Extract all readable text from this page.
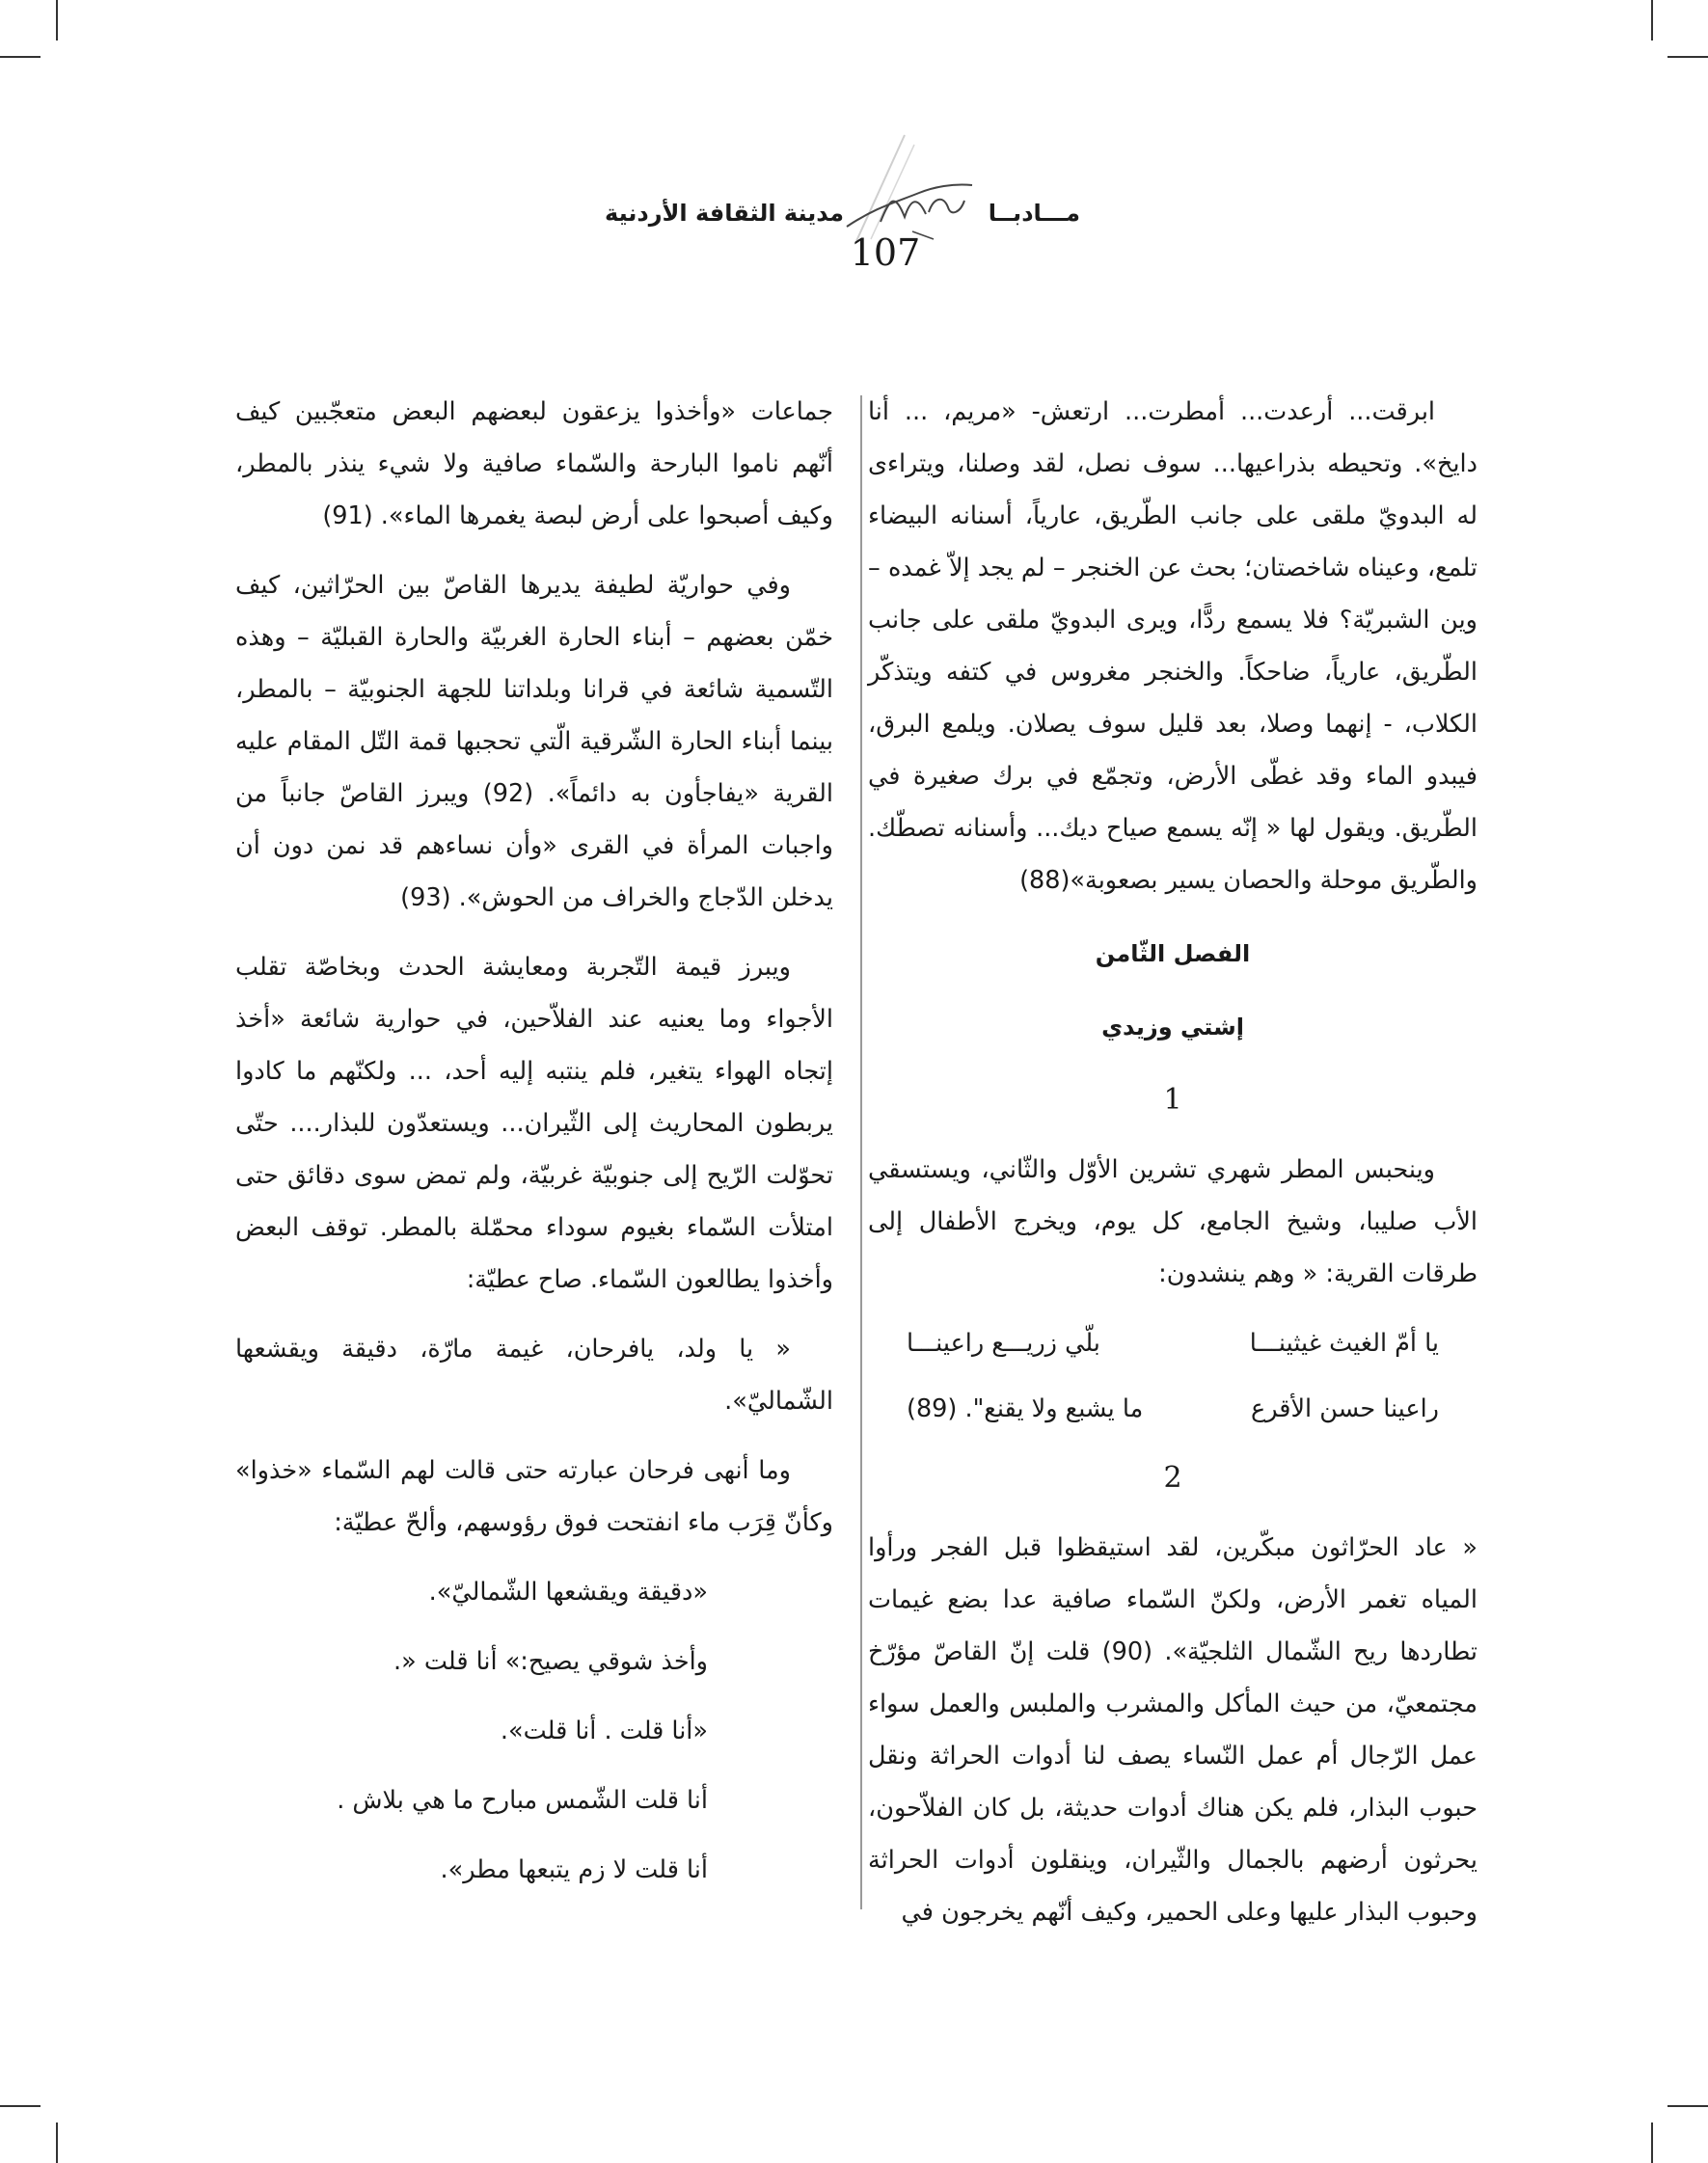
مدينة الثقافة الأردنية	مـــادبــا
107

ابرقت... أرعدت... أمطرت... ارتعش- «مريم، ... أنا دايخ». وتحيطه بذراعيها... سوف نصل، لقد وصلنا، ويتراءى له البدويّ ملقى على جانب الطّريق، عارياً، أسنانه البيضاء تلمع، وعيناه شاخصتان؛ بحث عن الخنجر – لم يجد إلاّ غمده – وين الشبريّة؟ فلا يسمع ردًّا، ويرى البدويّ ملقى على جانب الطّريق، عارياً، ضاحكاً. والخنجر مغروس في كتفه ويتذكّر الكلاب، - إنهما وصلا، بعد قليل سوف يصلان. ويلمع البرق، فيبدو الماء وقد غطّى الأرض، وتجمّع في برك صغيرة في الطّريق. ويقول لها « إنّه يسمع صياح ديك... وأسنانه تصطّك. والطّريق موحلة والحصان يسير بصعوبة»(88)

الفصل الثّامن

إشتي وزيدي

1

وينحبس المطر شهري تشرين الأوّل والثّاني، ويستسقي الأب صليبا، وشيخ الجامع، كل يوم، ويخرج الأطفال إلى طرقات القرية: « وهم ينشدون:

يا أمّ الغيث غيثينـــا
بلّي زريـــع راعينـــا
راعينا حسن الأقرع
ما يشبع ولا يقنع". (89)

2

« عاد الحرّاثون مبكّرين، لقد استيقظوا قبل الفجر ورأوا المياه تغمر الأرض، ولكنّ السّماء صافية عدا بضع غيمات تطاردها ريح الشّمال الثلجيّة». (90) قلت إنّ القاصّ مؤرّخ مجتمعيّ، من حيث المأكل والمشرب والملبس والعمل سواء عمل الرّجال أم عمل النّساء يصف لنا أدوات الحراثة ونقل حبوب البذار، فلم يكن هناك أدوات حديثة، بل كان الفلاّحون، يحرثون أرضهم بالجمال والثّيران، وينقلون أدوات الحراثة وحبوب البذار عليها وعلى الحمير، وكيف أنّهم يخرجون في

جماعات «وأخذوا يزعقون لبعضهم البعض متعجّبين كيف أنّهم ناموا البارحة والسّماء صافية ولا شيء ينذر بالمطر، وكيف أصبحوا على أرض لبصة يغمرها الماء». (91)

وفي حواريّة لطيفة يديرها القاصّ بين الحرّاثين، كيف خمّن بعضهم – أبناء الحارة الغربيّة والحارة القبليّة – وهذه التّسمية شائعة في قرانا وبلداتنا للجهة الجنوبيّة – بالمطر، بينما أبناء الحارة الشّرقية الّتي تحجبها قمة التّل المقام عليه القرية «يفاجأون به دائماً». (92) ويبرز القاصّ جانباً من واجبات المرأة في القرى «وأن نساءهم قد نمن دون أن يدخلن الدّجاج والخراف من الحوش». (93)

ويبرز قيمة التّجربة ومعايشة الحدث وبخاصّة تقلب الأجواء وما يعنيه عند الفلاّحين، في حوارية شائعة «أخذ إتجاه الهواء يتغير، فلم ينتبه إليه أحد، ... ولكنّهم ما كادوا يربطون المحاريث إلى الثّيران... ويستعدّون للبذار.... حتّى تحوّلت الرّيح إلى جنوبيّة غربيّة، ولم تمض سوى دقائق حتى امتلأت السّماء بغيوم سوداء محمّلة بالمطر. توقف البعض وأخذوا يطالعون السّماء. صاح عطيّة:

« يا ولد، يافرحان، غيمة مارّة، دقيقة ويقشعها الشّماليّ».

وما أنهى فرحان عبارته حتى قالت لهم السّماء «خذوا» وكأنّ قِرَب ماء انفتحت فوق رؤوسهم، وألحّ عطيّة:

«دقيقة ويقشعها الشّماليّ».

وأخذ شوقي يصيح:» أنا قلت «.

«أنا قلت . أنا قلت».

أنا قلت الشّمس مبارح ما هي بلاش .

أنا قلت لا زم يتبعها مطر».
